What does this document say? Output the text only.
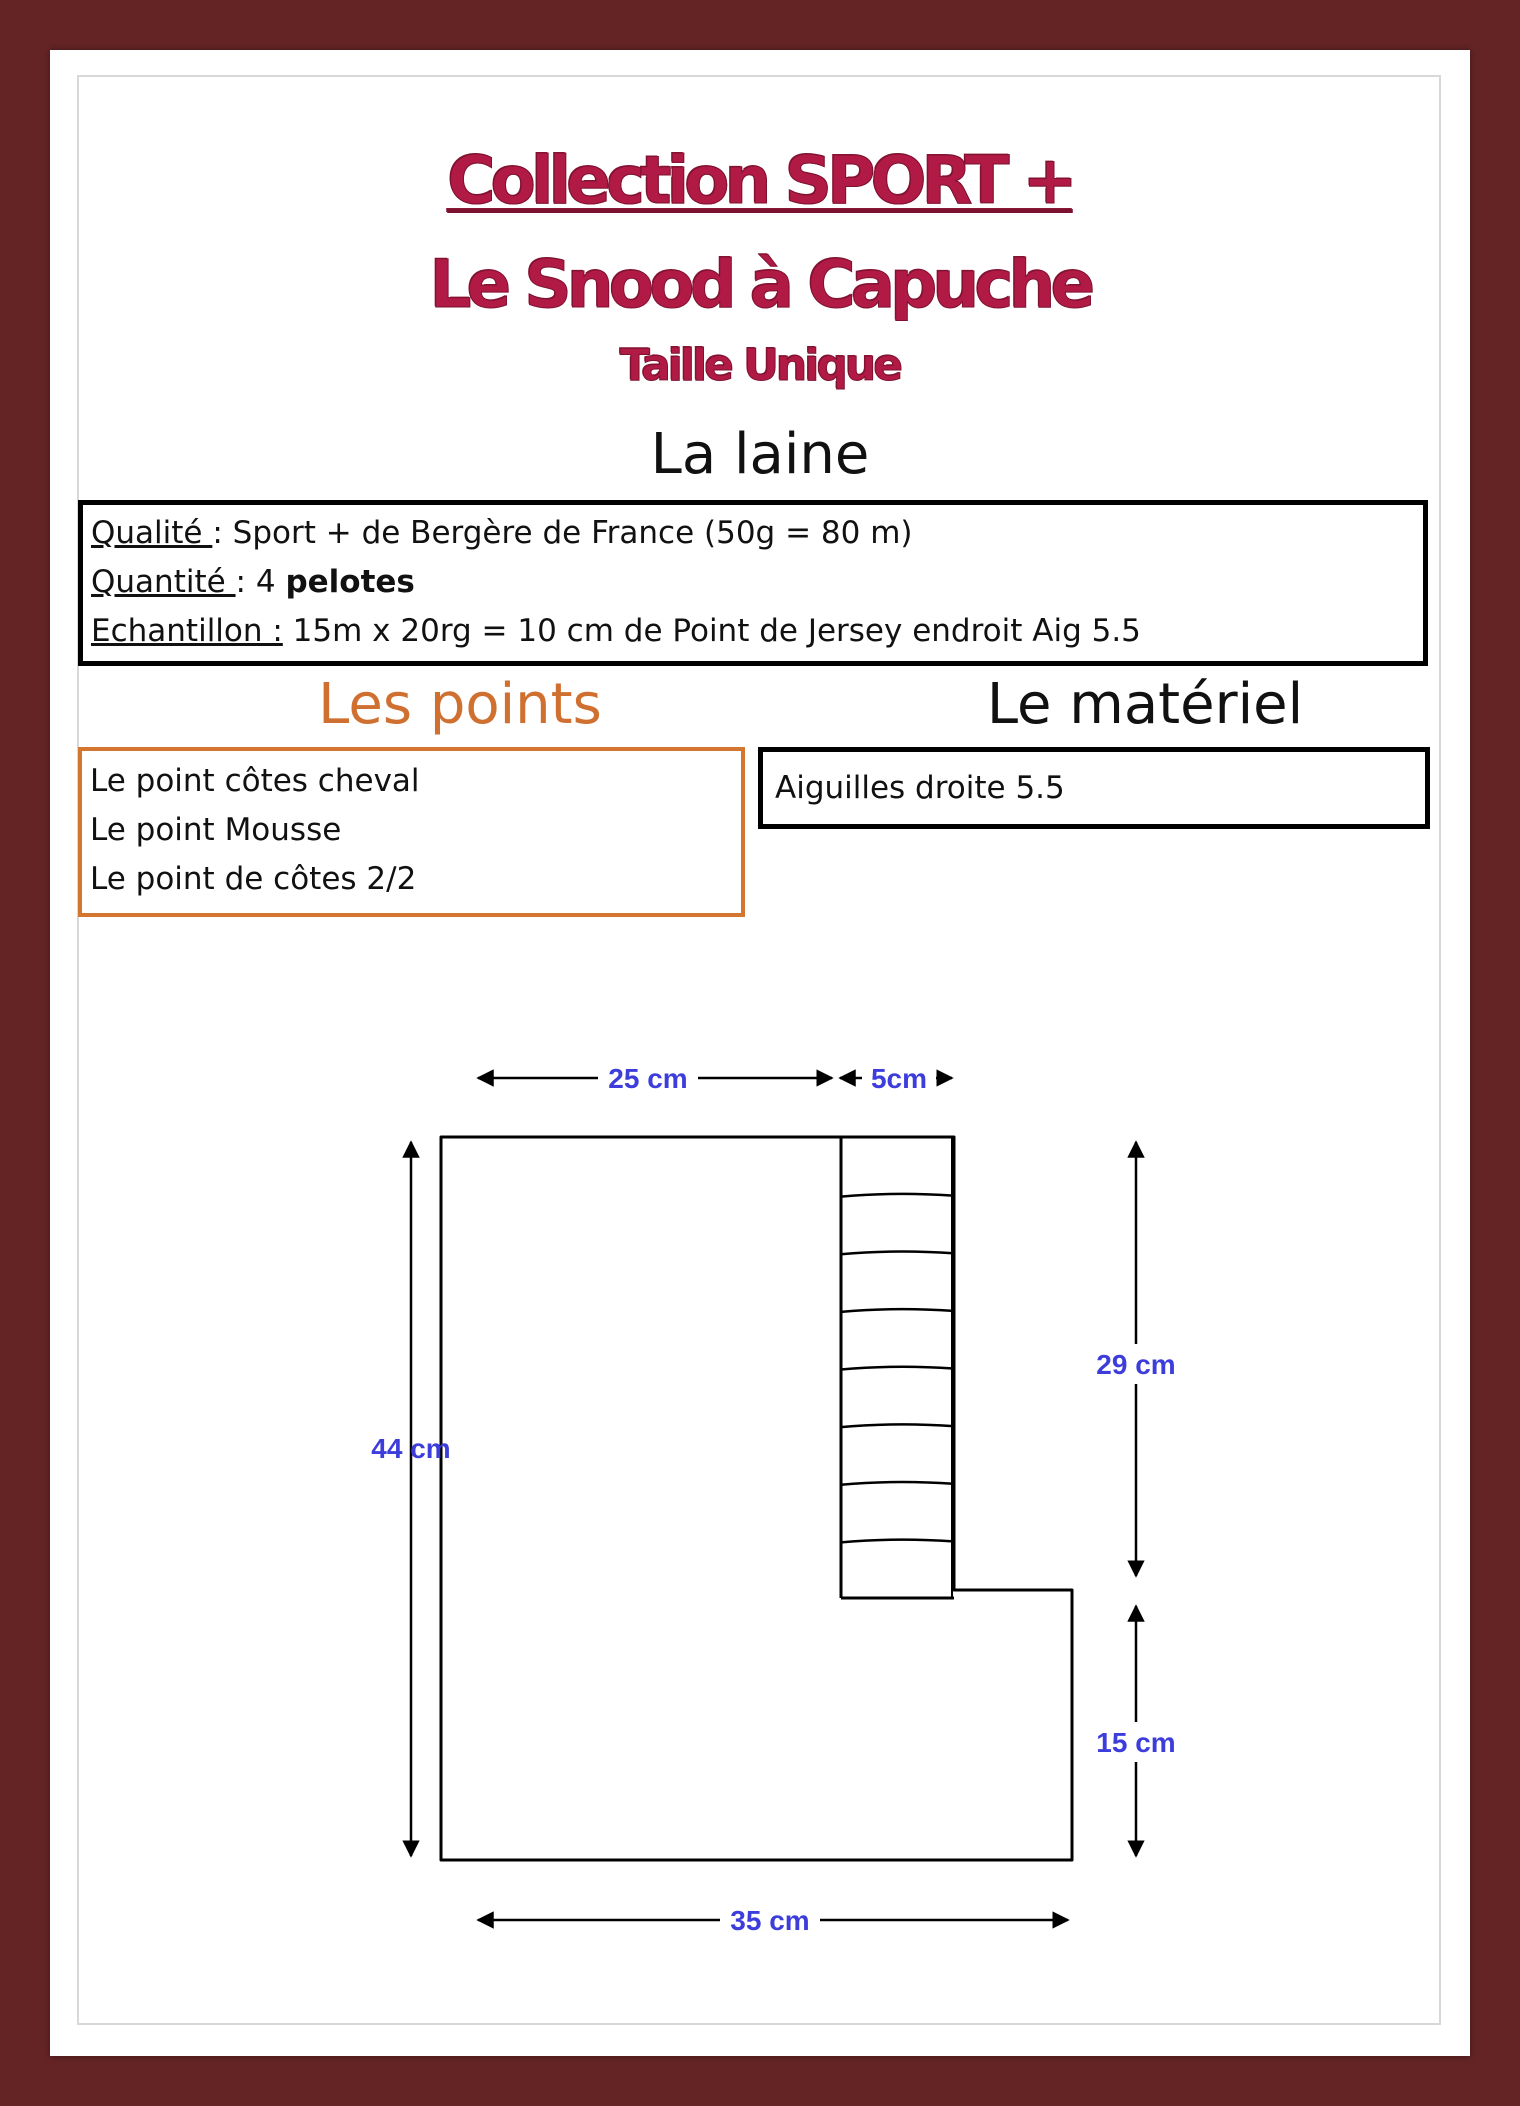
Collection SPORT +
Le Snood à Capuche
Taille Unique
La laine
Qualité : Sport + de Bergère de France (50g = 80 m)
Quantité : 4 pelotes
Echantillon : 15m x 20rg = 10 cm de Point de Jersey endroit Aig 5.5
Les points	Le matériel
Le point côtes cheval
Le point Mousse
Le point de côtes 2/2
Aiguilles droite 5.5
25 cm	5cm
44 cm
29 cm
15 cm
35 cm
